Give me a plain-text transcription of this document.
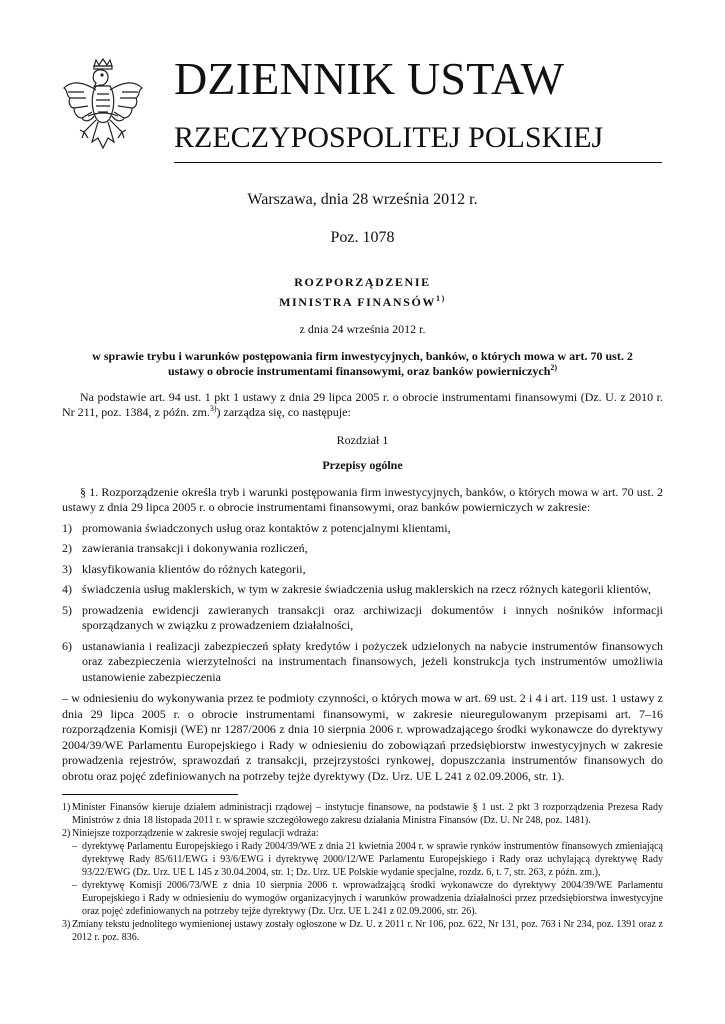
DZIENNIK USTAW
RZECZYPOSPOLITEJ POLSKIEJ
Warszawa, dnia 28 września 2012 r.
Poz. 1078

ROZPORZĄDZENIE

MINISTRA FINANSÓW$^{1)}$

z dnia 24 września 2012 r.

w sprawie trybu i warunków postępowania firm inwestycyjnych, banków, o których mowa w art. 70 ust. 2 ustawy o obrocie instrumentami finansowymi, oraz banków powierniczych$^{2)}$

Na podstawie art. 94 ust. 1 pkt 1 ustawy z dnia 29 lipca 2005 r. o obrocie instrumentami finansowymi (Dz. U. z 2010 r. Nr 211, poz. 1384, z późn. zm.$^{3)}$) zarządza się, co następuje:

Rozdział 1

Przepisy ogólne

§ 1. Rozporządzenie określa tryb i warunki postępowania firm inwestycyjnych, banków, o których mowa w art. 70 ust. 2 ustawy z dnia 29 lipca 2005 r. o obrocie instrumentami finansowymi, oraz banków powierniczych w zakresie:

1) promowania świadczonych usług oraz kontaktów z potencjalnymi klientami,
2) zawierania transakcji i dokonywania rozliczeń,
3) klasyfikowania klientów do różnych kategorii,
4) świadczenia usług maklerskich, w tym w zakresie świadczenia usług maklerskich na rzecz różnych kategorii klientów,
5) prowadzenia ewidencji zawieranych transakcji oraz archiwizacji dokumentów i innych nośników informacji sporządzanych w związku z prowadzeniem działalności,
6) ustanawiania i realizacji zabezpieczeń spłaty kredytów i pożyczek udzielonych na nabycie instrumentów finansowych oraz zabezpieczenia wierzytelności na instrumentach finansowych, jeżeli konstrukcja tych instrumentów umożliwia ustanowienie zabezpieczenia

– w odniesieniu do wykonywania przez te podmioty czynności, o których mowa w art. 69 ust. 2 i 4 i art. 119 ust. 1 ustawy z dnia 29 lipca 2005 r. o obrocie instrumentami finansowymi, w zakresie nieuregulowanym przepisami art. 7–16 rozporządzenia Komisji (WE) nr 1287/2006 z dnia 10 sierpnia 2006 r. wprowadzającego środki wykonawcze do dyrektywy 2004/39/WE Parlamentu Europejskiego i Rady w odniesieniu do zobowiązań przedsiębiorstw inwestycyjnych w zakresie prowadzenia rejestrów, sprawozdań z transakcji, przejrzystości rynkowej, dopuszczania instrumentów finansowych do obrotu oraz pojęć zdefiniowanych na potrzeby tejże dyrektywy (Dz. Urz. UE L 241 z 02.09.2006, str. 1).

1) Minister Finansów kieruje działem administracji rządowej – instytucje finansowe, na podstawie § 1 ust. 2 pkt 3 rozporządzenia Prezesa Rady Ministrów z dnia 18 listopada 2011 r. w sprawie szczegółowego zakresu działania Ministra Finansów (Dz. U. Nr 248, poz. 1481).

2) Niniejsze rozporządzenie w zakresie swojej regulacji wdraża:

– dyrektywę Parlamentu Europejskiego i Rady 2004/39/WE z dnia 21 kwietnia 2004 r. w sprawie rynków instrumentów finansowych zmieniającą dyrektywę Rady 85/611/EWG i 93/6/EWG i dyrektywę 2000/12/WE Parlamentu Europejskiego i Rady oraz uchylającą dyrektywę Rady 93/22/EWG (Dz. Urz. UE L 145 z 30.04.2004, str. 1; Dz. Urz. UE Polskie wydanie specjalne, rozdz. 6, t. 7, str. 263, z późn. zm.),

– dyrektywę Komisji 2006/73/WE z dnia 10 sierpnia 2006 r. wprowadzającą środki wykonawcze do dyrektywy 2004/39/WE Parlamentu Europejskiego i Rady w odniesieniu do wymogów organizacyjnych i warunków prowadzenia działalności przez przedsiębiorstwa inwestycyjne oraz pojęć zdefiniowanych na potrzeby tejże dyrektywy (Dz. Urz. UE L 241 z 02.09.2006, str. 26).

3) Zmiany tekstu jednolitego wymienionej ustawy zostały ogłoszone w Dz. U. z 2011 r. Nr 106, poz. 622, Nr 131, poz. 763 i Nr 234, poz. 1391 oraz z 2012 r. poz. 836.
